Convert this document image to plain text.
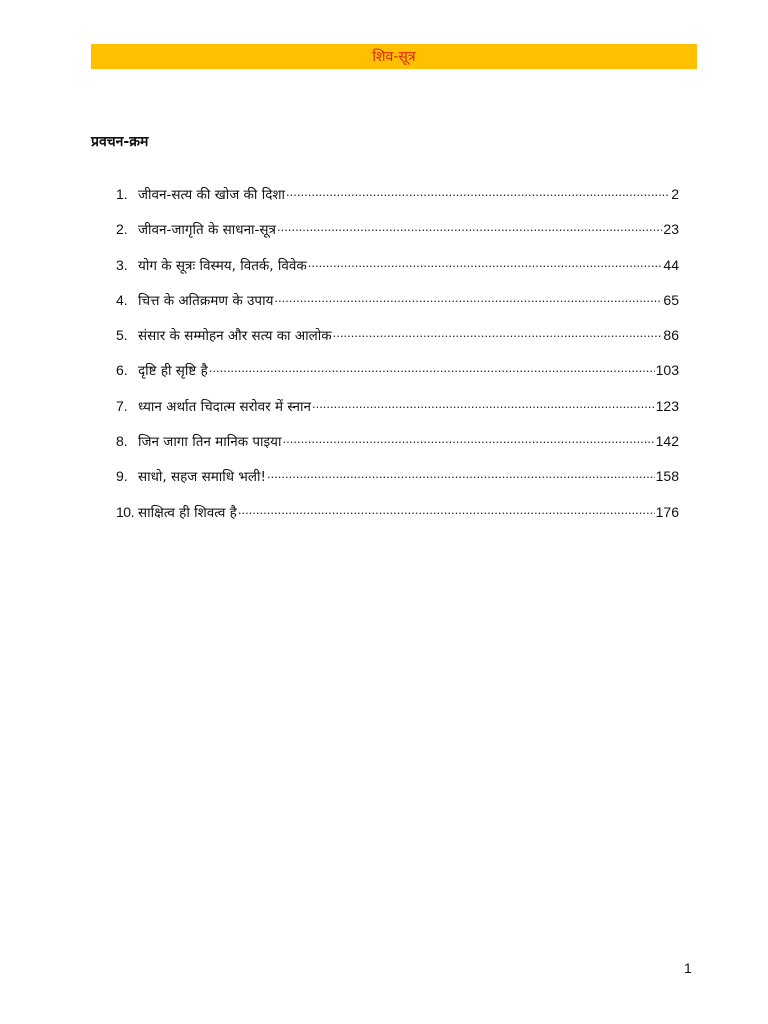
शिव-सूत्र
प्रवचन-क्रम
1. जीवन-सत्य की खोज की दिशा .....	2
2. जीवन-जागृति के साधना-सूत्र .....	23
3. योग के सूत्रः विस्मय, वितर्क, विवेक .....	44
4. चित्त के अतिक्रमण के उपाय .....	65
5. संसार के सम्मोहन और सत्य का आलोक .....	86
6. दृष्टि ही सृष्टि है .....	103
7. ध्यान अर्थात चिदात्म सरोवर में स्नान .....	123
8. जिन जागा तिन मानिक पाइया .....	142
9. साधो, सहज समाधि भली! .....	158
10. साक्षित्व ही शिवत्व है .....	176
1
